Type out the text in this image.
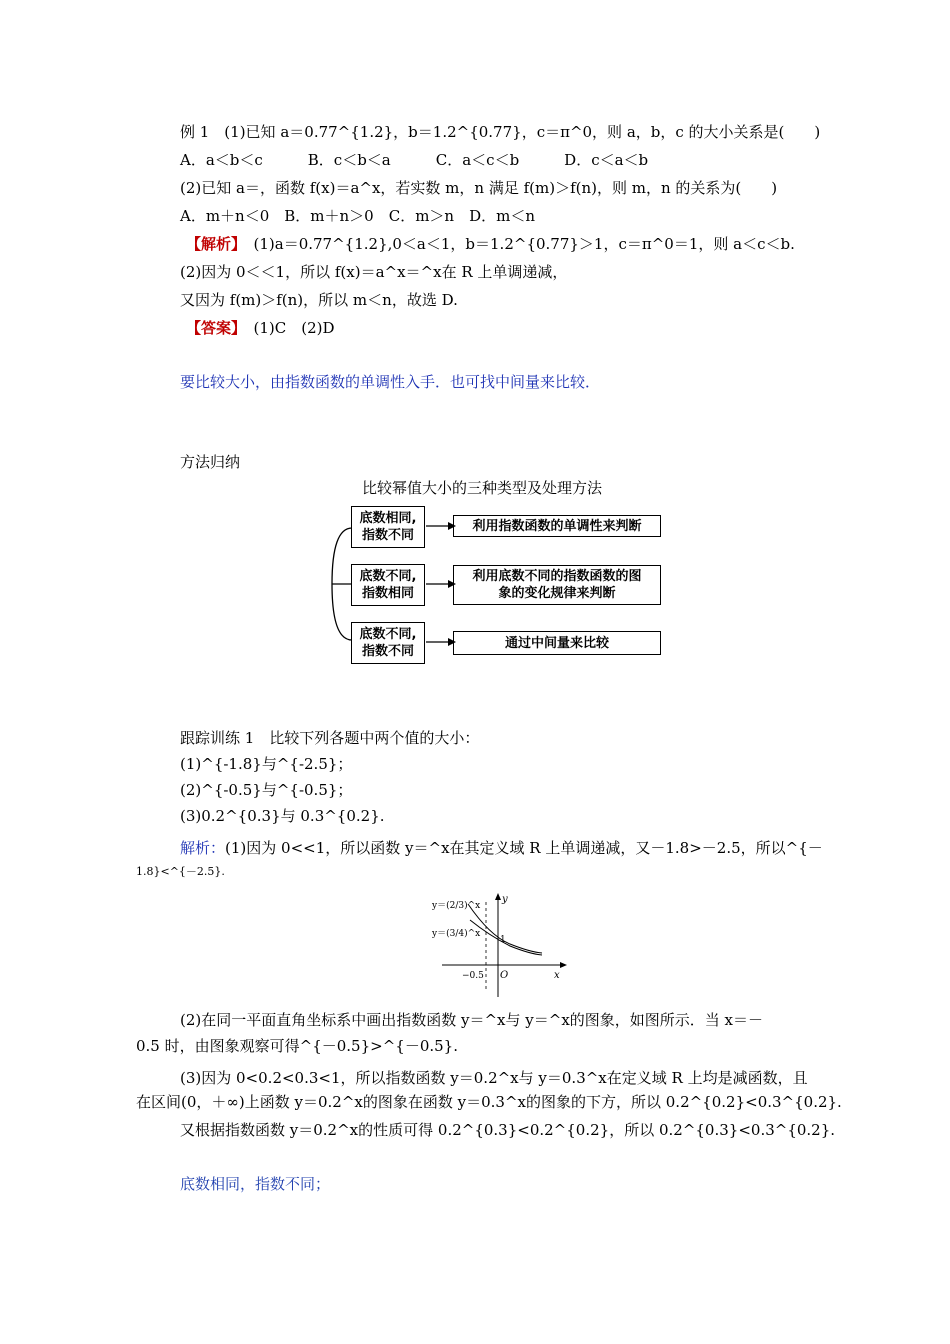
例 1　(1)已知 a＝0.77^{1.2}，b＝1.2^{0.77}，c＝π^0，则 a，b，c 的大小关系是(　　)
A．a＜b＜c　　　B．c＜b＜a　　　C．a＜c＜b　　　D．c＜a＜b
(2)已知 a＝，函数 f(x)＝a^x，若实数 m，n 满足 f(m)＞f(n)，则 m，n 的关系为(　　)
A．m＋n＜0　B．m＋n＞0　C．m＞n　D．m＜n
【解析】　(1)a＝0.77^{1.2},0＜a＜1，b＝1.2^{0.77}＞1，c＝π^0＝1，则 a＜c＜b.
(2)因为 0＜＜1，所以 f(x)＝a^x＝^x在 R 上单调递减，
又因为 f(m)＞f(n)，所以 m＜n，故选 D.
【答案】　(1)C　(2)D
要比较大小，由指数函数的单调性入手．也可找中间量来比较．
方法归纳
比较幂值大小的三种类型及处理方法
底数相同,
指数不同
利用指数函数的单调性来判断
底数不同,
指数相同
利用底数不同的指数函数的图
象的变化规律来判断
底数不同,
指数不同
通过中间量来比较
跟踪训练 1　比较下列各题中两个值的大小：
(1)^{-1.8}与^{-2.5}；
(2)^{-0.5}与^{-0.5}；
(3)0.2^{0.3}与 0.3^{0.2}.
解析：(1)因为 0<<1，所以函数 y＝^x在其定义域 R 上单调递减，又－1.8>－2.5，所以^{－
1.8}<^{－2.5}.
y＝(2/3)^x
y＝(3/4)^x
y
x
O
1
−0.5
(2)在同一平面直角坐标系中画出指数函数 y＝^x与 y＝^x的图象，如图所示．当 x＝－
0.5 时，由图象观察可得^{－0.5}>^{－0.5}.
(3)因为 0<0.2<0.3<1，所以指数函数 y＝0.2^x与 y＝0.3^x在定义域 R 上均是减函数，且
在区间(0，＋∞)上函数 y＝0.2^x的图象在函数 y＝0.3^x的图象的下方，所以 0.2^{0.2}<0.3^{0.2}.
又根据指数函数 y＝0.2^x的性质可得 0.2^{0.3}<0.2^{0.2}，所以 0.2^{0.3}<0.3^{0.2}.
底数相同，指数不同；
